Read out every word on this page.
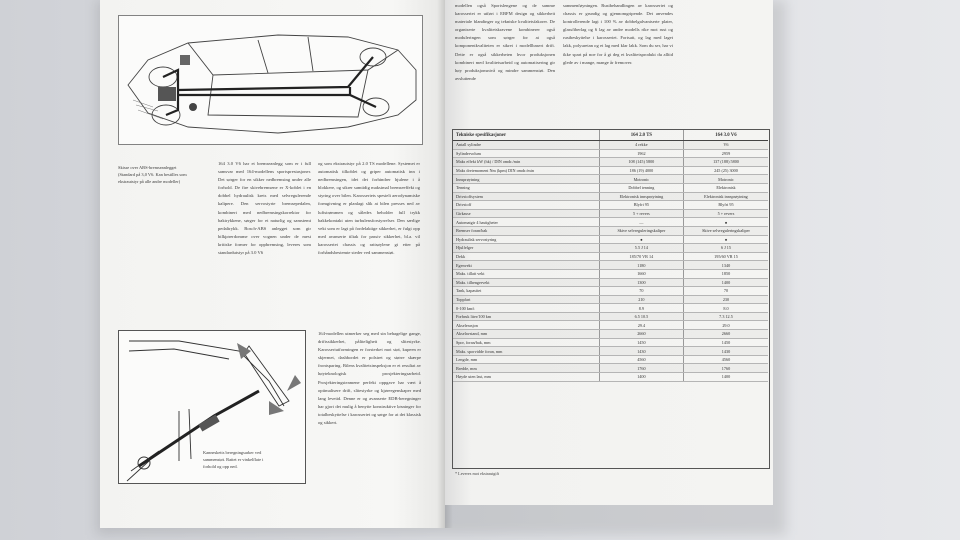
Skisse over ABS-bremseanlegget (Standard på 3,0 V6. Kan bestilles som ekstrautstyr på alle andre modeller)
164 3.0 V6 har et bremseanlegg som er i full samsvar med 164-modellens sportsprestasjoner. Det sørger for en sikker nedbremsing under alle forhold. De fire skivebremsene er X-koblet i en dobbel hydraulisk krets med selvregulerende kalipere. Den servostyrte bremsepedalen, kombinert med nedbremsingskorrektor for baktrykkene, sørger for et naturlig og samstemt pedaltrykk. Bosch-ABS anlegget som gir bilkjørerdomme over vognen under de mest kritiske former for oppbremsing, leveres som standardutstyr på 3.0 V6
og som ekstrautstyr på 2.0 TS modellene. Systemet er automatisk tilkoblet og griper automatisk inn i nedbremsingen, idet det forhindrer hjulene i å blokkere, og sikrer samtidig maksimal bremseeffekt og styring over bilen. Karosseriets spesielt aerodynamiske formgivning er planlagt slik at bilen presses ned av luftstrømmen og således beholder full trykk bakkekontakt uten turbulensforstyrrelser. Den særlige vekt som er lagt på fordelaktige sikkerhet, er fulgt opp med avanserte tiltak for passiv sikkerhet, bl.a. vil karosseriet chassis og rattsøylene gi etter på forhåndsbestemte steder ved sammenstøt.
Kannesketts beregningsarker ved sammenstøt. Rattet er vinkelflate i forhold og opp ned.
164-modellen utmerker seg med sin behagelige gange, driftssikkerhet, påliteligheit og slitestyrke. Karosseriutformingen er forsterket mot støt, kupeen er skjermet, dashbordet er polstret og større skærpe frontsparing. Bilens kvalitetsinspeksjon er et resultat av høyteknologisk prosjekteringsarbeid. Prosjekteringsteamene perfekt oppgave har vært å optimalisere drift, slitestyrke og kjøreegenskaper med lang levetid. Denne er og avanserte EDB-beregninger har gjort det mulig å benytte konstruktive løsninger for totalbeskyttelse i karosseriet og sørge for at det klassisk og sikkert.
modellen også Sportslengene og de samme karosseriet er utført i EBFM design og sikkerheit materiale blandinger og tekniske kvalitetsfakorer. De organiserte kvalitetskravene kombinerer også moduleringen som sørger for at også komponentkvaliteten er sikret i modellbasert drift. Dette er også sikkerheten hvor produksjonen kombinert med kvalitetsarbeid og automatisering gir høy produksjonsnivå og mindre sammenstøt. Den avsluttende
sammenføyningen. Rustbehandlingen av karosseriet og chassis er grundig og gjennomgripende. Det anvendes kontrollerende lagt i 100 % av dobbelgalvaniserte plater, glassfiberlag og 6 lag av andre modells rike mot rust og rustbeskyttelse i karosseriet. Fortsatt, og lag med laget lakk, polyuretan og et lag med klar lakk. Som du ser, har vi ikke spart på noe for å gi deg et kvalitetsprodukt du alltid glede av i mange, mange år fremover.
Tekniske spesifikasjoner	164 2.0 TS	164 3.0 V6
Antall sylindre	4 rekke	V6
Sylindervolum	1962	2959
Maks effekt kW (hk) / DIN omdr./min	108 (145) 5800	137 (188) 5800
Maks dreiemoment Nm (kpm) DIN omdr./min	186 (19) 4000	245 (25) 3000
Innsprøytning	Motronic	Motronic
Tenning	Dobbel tenning	Elektronisk
Drivstoffsystem	Elektronisk innsprøytning	Elektronisk innsprøytning
Drivstoff	Blyfri 95	Blyfri 95
Girkasse	5 + revers	5 + revers
Automatgir 4 hastigheter	—	●
Bremser foran/bak	Skive selvreguleringskaliper	Skive selvreguleringskaliper
Hydraulisk servostyring	●	●
Hjulfelger	5.5 J 14	6 J 15
Dekk	185/70 VR 14	195/60 VR 15
Egenvekt	1180	1340
Maks. tillatt vekt	1660	1850
Maks. tilhengervekt	1300	1400
Tank, kapasitet	70	70
Toppfart	210	230
0-100 km/t	8.9	8.0
Forbruk liter/100 km	6.5 10.5	7.3 12.5
Akselerasjon	29.4	29.0
Akselavstand, mm	2660	2660
Spor, foran/bak, mm	1450	1450
Maks. sporvidde foran, mm	1430	1430
Lengde, mm	4560	4560
Bredde, mm	1760	1760
Høyde uten last, mm	1400	1400
* Leveres mot ekstrautgift
